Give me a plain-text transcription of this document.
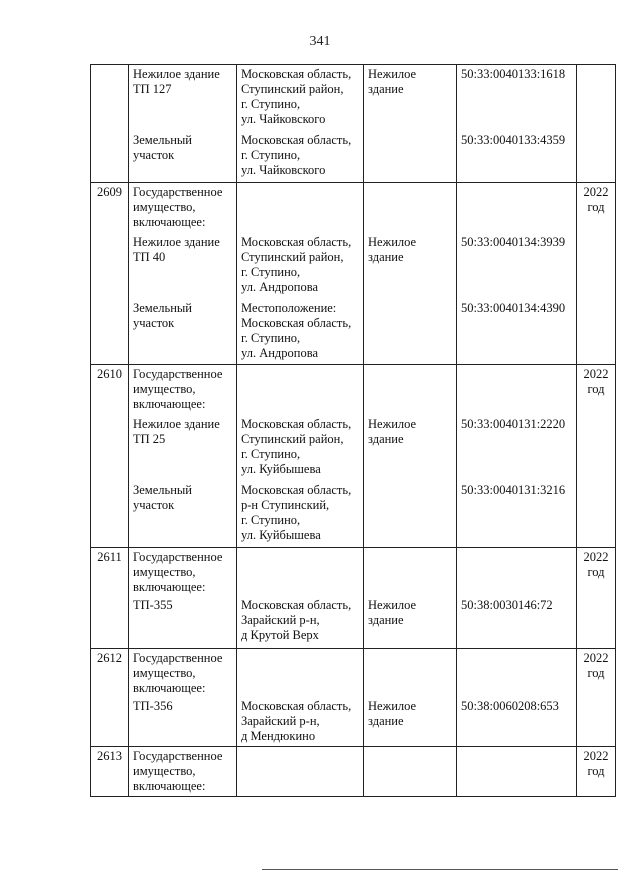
341

	Нежилое здание
ТП 127	Московская область,
Ступинский район,
г. Ступино,
ул. Чайковского	Нежилое
здание	50:33:0040133:1618	

	Земельный
участок	Московская область,
г. Ступино,
ул. Чайковского		50:33:0040133:4359	

2609	Государственное
имущество,
включающее:				2022
год

	Нежилое здание
ТП 40	Московская область,
Ступинский район,
г. Ступино,
ул. Андропова	Нежилое
здание	50:33:0040134:3939	

	Земельный
участок	Местоположение:
Московская область,
г. Ступино,
ул. Андропова		50:33:0040134:4390	

2610	Государственное
имущество,
включающее:				2022
год

	Нежилое здание
ТП 25	Московская область,
Ступинский район,
г. Ступино,
ул. Куйбышева	Нежилое
здание	50:33:0040131:2220	

	Земельный
участок	Московская область,
р-н Ступинский,
г. Ступино,
ул. Куйбышева		50:33:0040131:3216	

2611	Государственное
имущество,
включающее:				2022
год

	ТП-355	Московская область,
Зарайский р-н,
д Крутой Верх	Нежилое
здание	50:38:0030146:72	

2612	Государственное
имущество,
включающее:				2022
год

	ТП-356	Московская область,
Зарайский р-н,
д Мендюкино	Нежилое
здание	50:38:0060208:653	

2613	Государственное
имущество,
включающее:				2022
год
